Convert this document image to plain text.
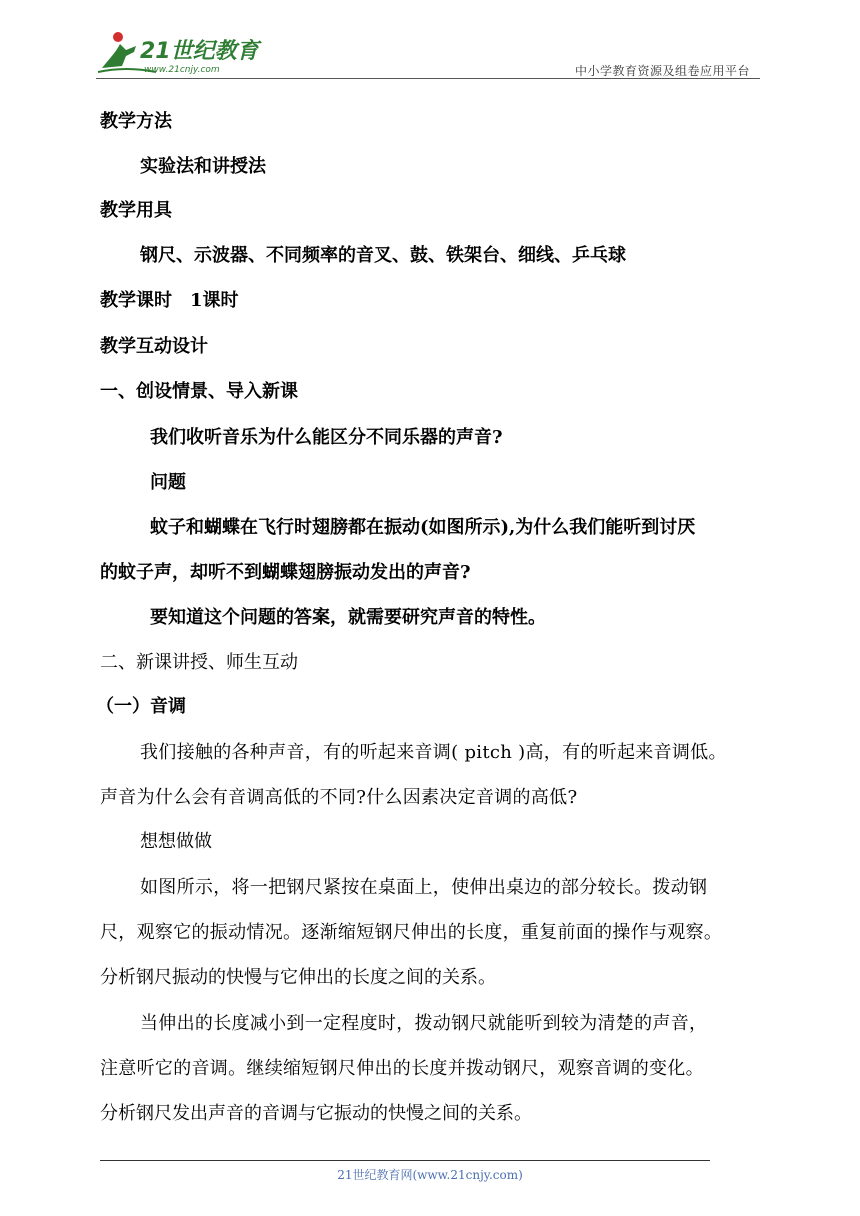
21世纪教育
www.21cnjy.com	中小学教育资源及组卷应用平台
教学方法
实验法和讲授法
教学用具
钢尺、示波器、不同频率的音叉、鼓、铁架台、细线、乒乓球
教学课时　1课时
教学互动设计
一、创设情景、导入新课
我们收听音乐为什么能区分不同乐器的声音?
问题
蚊子和蝴蝶在飞行时翅膀都在振动(如图所示),为什么我们能听到讨厌
的蚊子声，却听不到蝴蝶翅膀振动发出的声音?
要知道这个问题的答案，就需要研究声音的特性。
二、新课讲授、师生互动
（一）音调
我们接触的各种声音，有的听起来音调( pitch )高，有的听起来音调低。
声音为什么会有音调高低的不同?什么因素决定音调的高低?
想想做做
如图所示，将一把钢尺紧按在桌面上，使伸出桌边的部分较长。拨动钢
尺，观察它的振动情况。逐渐缩短钢尺伸出的长度，重复前面的操作与观察。
分析钢尺振动的快慢与它伸出的长度之间的关系。
当伸出的长度减小到一定程度时，拨动钢尺就能听到较为清楚的声音，
注意听它的音调。继续缩短钢尺伸出的长度并拨动钢尺，观察音调的变化。
分析钢尺发出声音的音调与它振动的快慢之间的关系。
21世纪教育网(www.21cnjy.com)
